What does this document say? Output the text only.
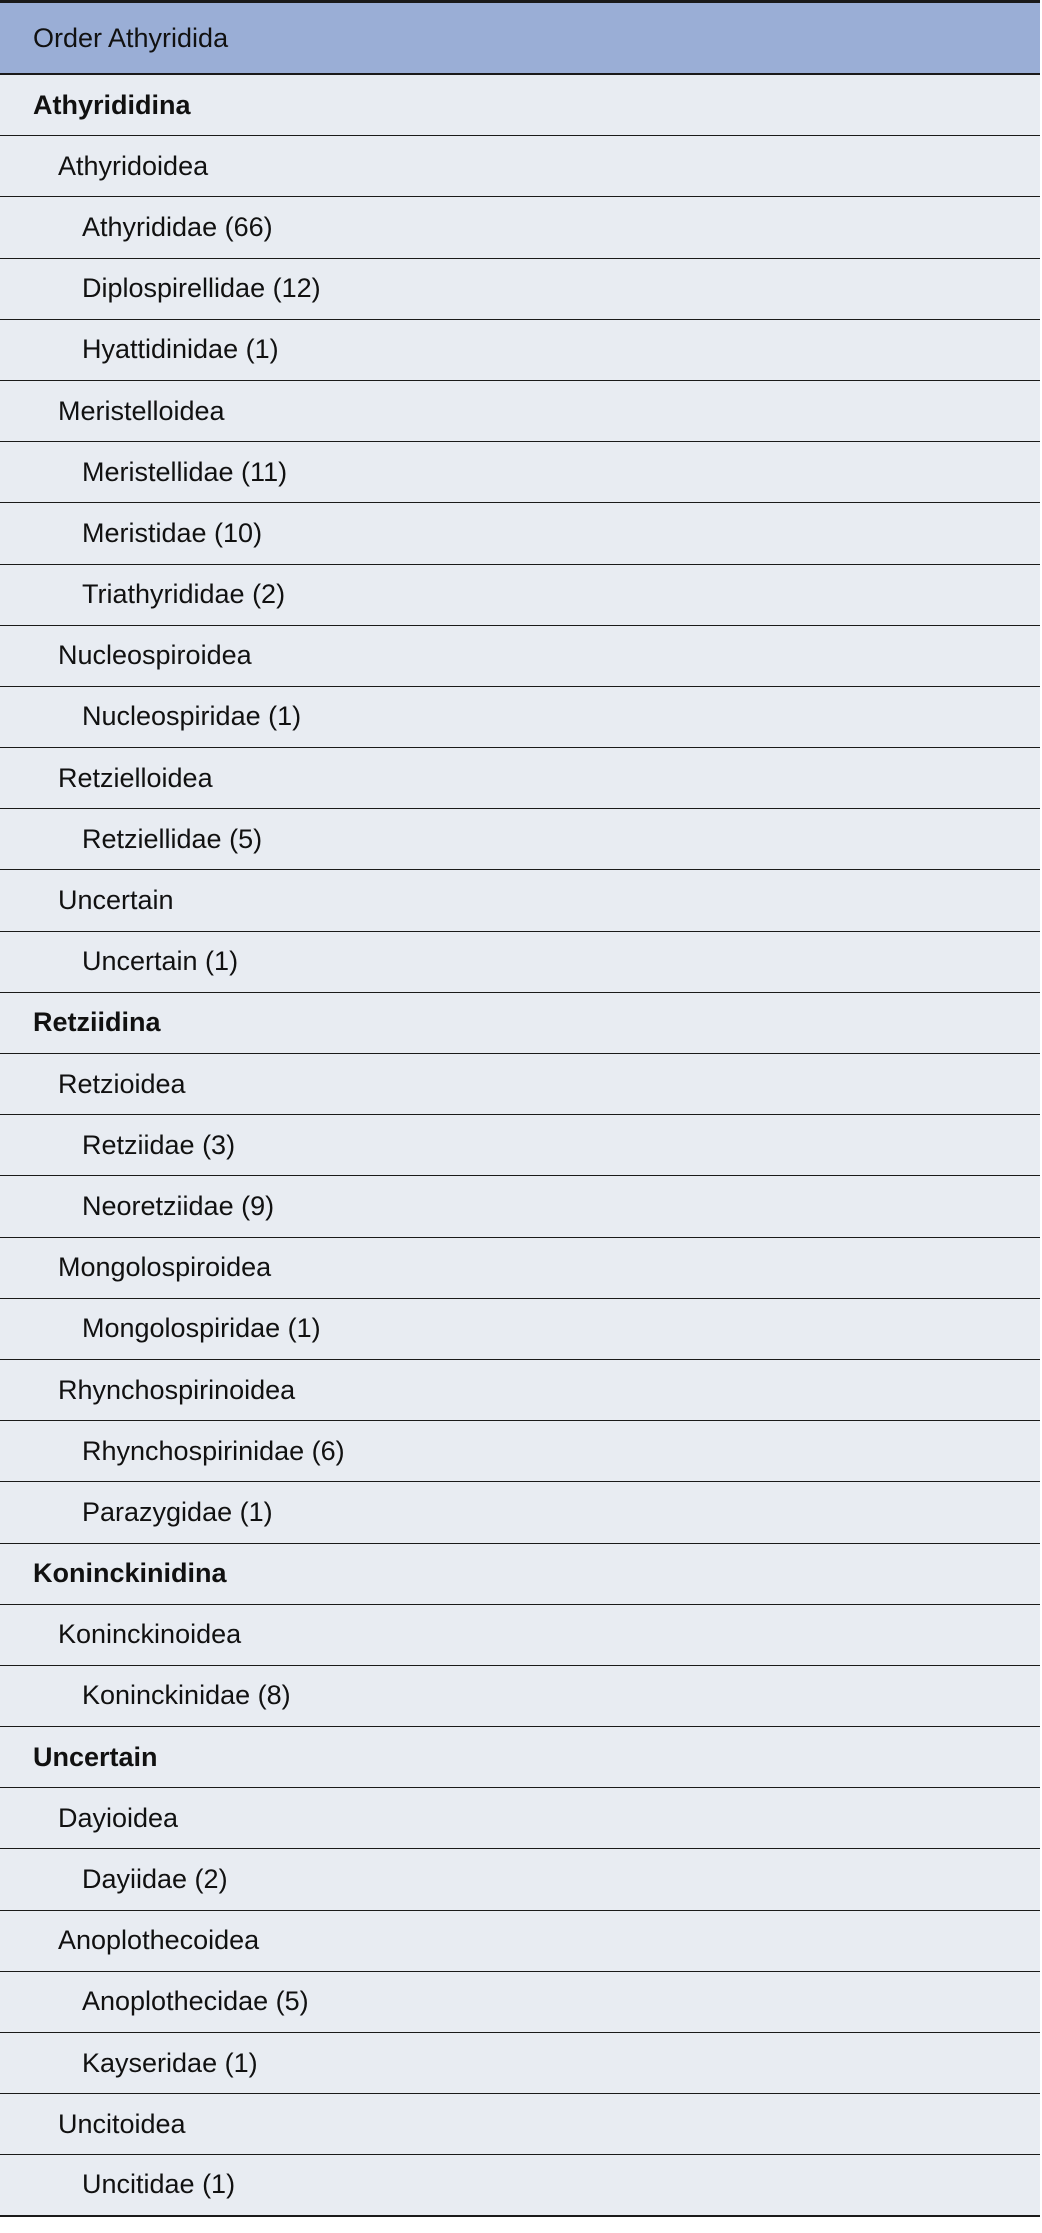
Order Athyridida
Athyrididina
Athyridoidea
Athyrididae (66)
Diplospirellidae (12)
Hyattidinidae (1)
Meristelloidea
Meristellidae (11)
Meristidae (10)
Triathyrididae (2)
Nucleospiroidea
Nucleospiridae (1)
Retzielloidea
Retziellidae (5)
Uncertain
Uncertain (1)
Retziidina
Retzioidea
Retziidae (3)
Neoretziidae (9)
Mongolospiroidea
Mongolospiridae (1)
Rhynchospirinoidea
Rhynchospirinidae (6)
Parazygidae (1)
Koninckinidina
Koninckinoidea
Koninckinidae (8)
Uncertain
Dayioidea
Dayiidae (2)
Anoplothecoidea
Anoplothecidae (5)
Kayseridae (1)
Uncitoidea
Uncitidae (1)
